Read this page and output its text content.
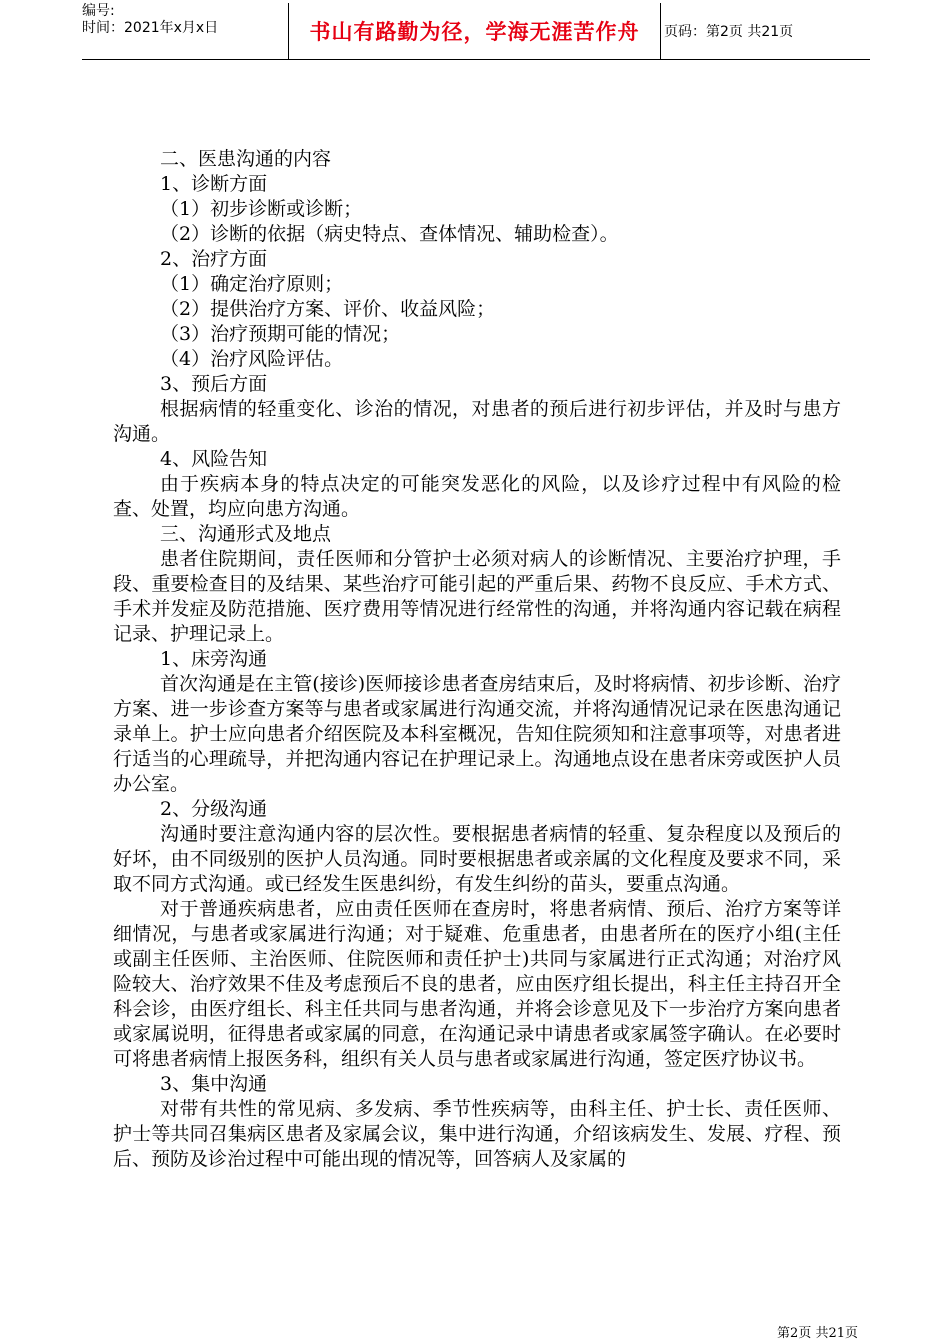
编号:
时间：2021年x月x日	书山有路勤为径，学海无涯苦作舟 页码：第2页 共21页

二、医患沟通的内容

1、诊断方面

（1）初步诊断或诊断；

（2）诊断的依据（病史特点、查体情况、辅助检查）。

2、治疗方面

（1）确定治疗原则；

（2）提供治疗方案、评价、收益风险；

（3）治疗预期可能的情况；

（4）治疗风险评估。

3、预后方面

根据病情的轻重变化、诊治的情况，对患者的预后进行初步评估，并及时与患方沟通。

4、风险告知

由于疾病本身的特点决定的可能突发恶化的风险，以及诊疗过程中有风险的检查、处置，均应向患方沟通。

三、沟通形式及地点

患者住院期间，责任医师和分管护士必须对病人的诊断情况、主要治疗护理，手段、重要检查目的及结果、某些治疗可能引起的严重后果、药物不良反应、手术方式、手术并发症及防范措施、医疗费用等情况进行经常性的沟通，并将沟通内容记载在病程记录、护理记录上。

1、床旁沟通

首次沟通是在主管(接诊)医师接诊患者查房结束后，及时将病情、初步诊断、治疗方案、进一步诊查方案等与患者或家属进行沟通交流，并将沟通情况记录在医患沟通记录单上。护士应向患者介绍医院及本科室概况，告知住院须知和注意事项等，对患者进行适当的心理疏导，并把沟通内容记在护理记录上。沟通地点设在患者床旁或医护人员办公室。

2、分级沟通

沟通时要注意沟通内容的层次性。要根据患者病情的轻重、复杂程度以及预后的好坏，由不同级别的医护人员沟通。同时要根据患者或亲属的文化程度及要求不同，采取不同方式沟通。或已经发生医患纠纷，有发生纠纷的苗头，要重点沟通。

对于普通疾病患者，应由责任医师在查房时，将患者病情、预后、治疗方案等详细情况，与患者或家属进行沟通；对于疑难、危重患者，由患者所在的医疗小组(主任或副主任医师、主治医师、住院医师和责任护士)共同与家属进行正式沟通；对治疗风险较大、治疗效果不佳及考虑预后不良的患者，应由医疗组长提出，科主任主持召开全科会诊，由医疗组长、科主任共同与患者沟通，并将会诊意见及下一步治疗方案向患者或家属说明，征得患者或家属的同意，在沟通记录中请患者或家属签字确认。在必要时可将患者病情上报医务科，组织有关人员与患者或家属进行沟通，签定医疗协议书。

3、集中沟通

对带有共性的常见病、多发病、季节性疾病等，由科主任、护士长、责任医师、护士等共同召集病区患者及家属会议，集中进行沟通，介绍该病发生、发展、疗程、预后、预防及诊治过程中可能出现的情况等，回答病人及家属的

第2页 共21页
